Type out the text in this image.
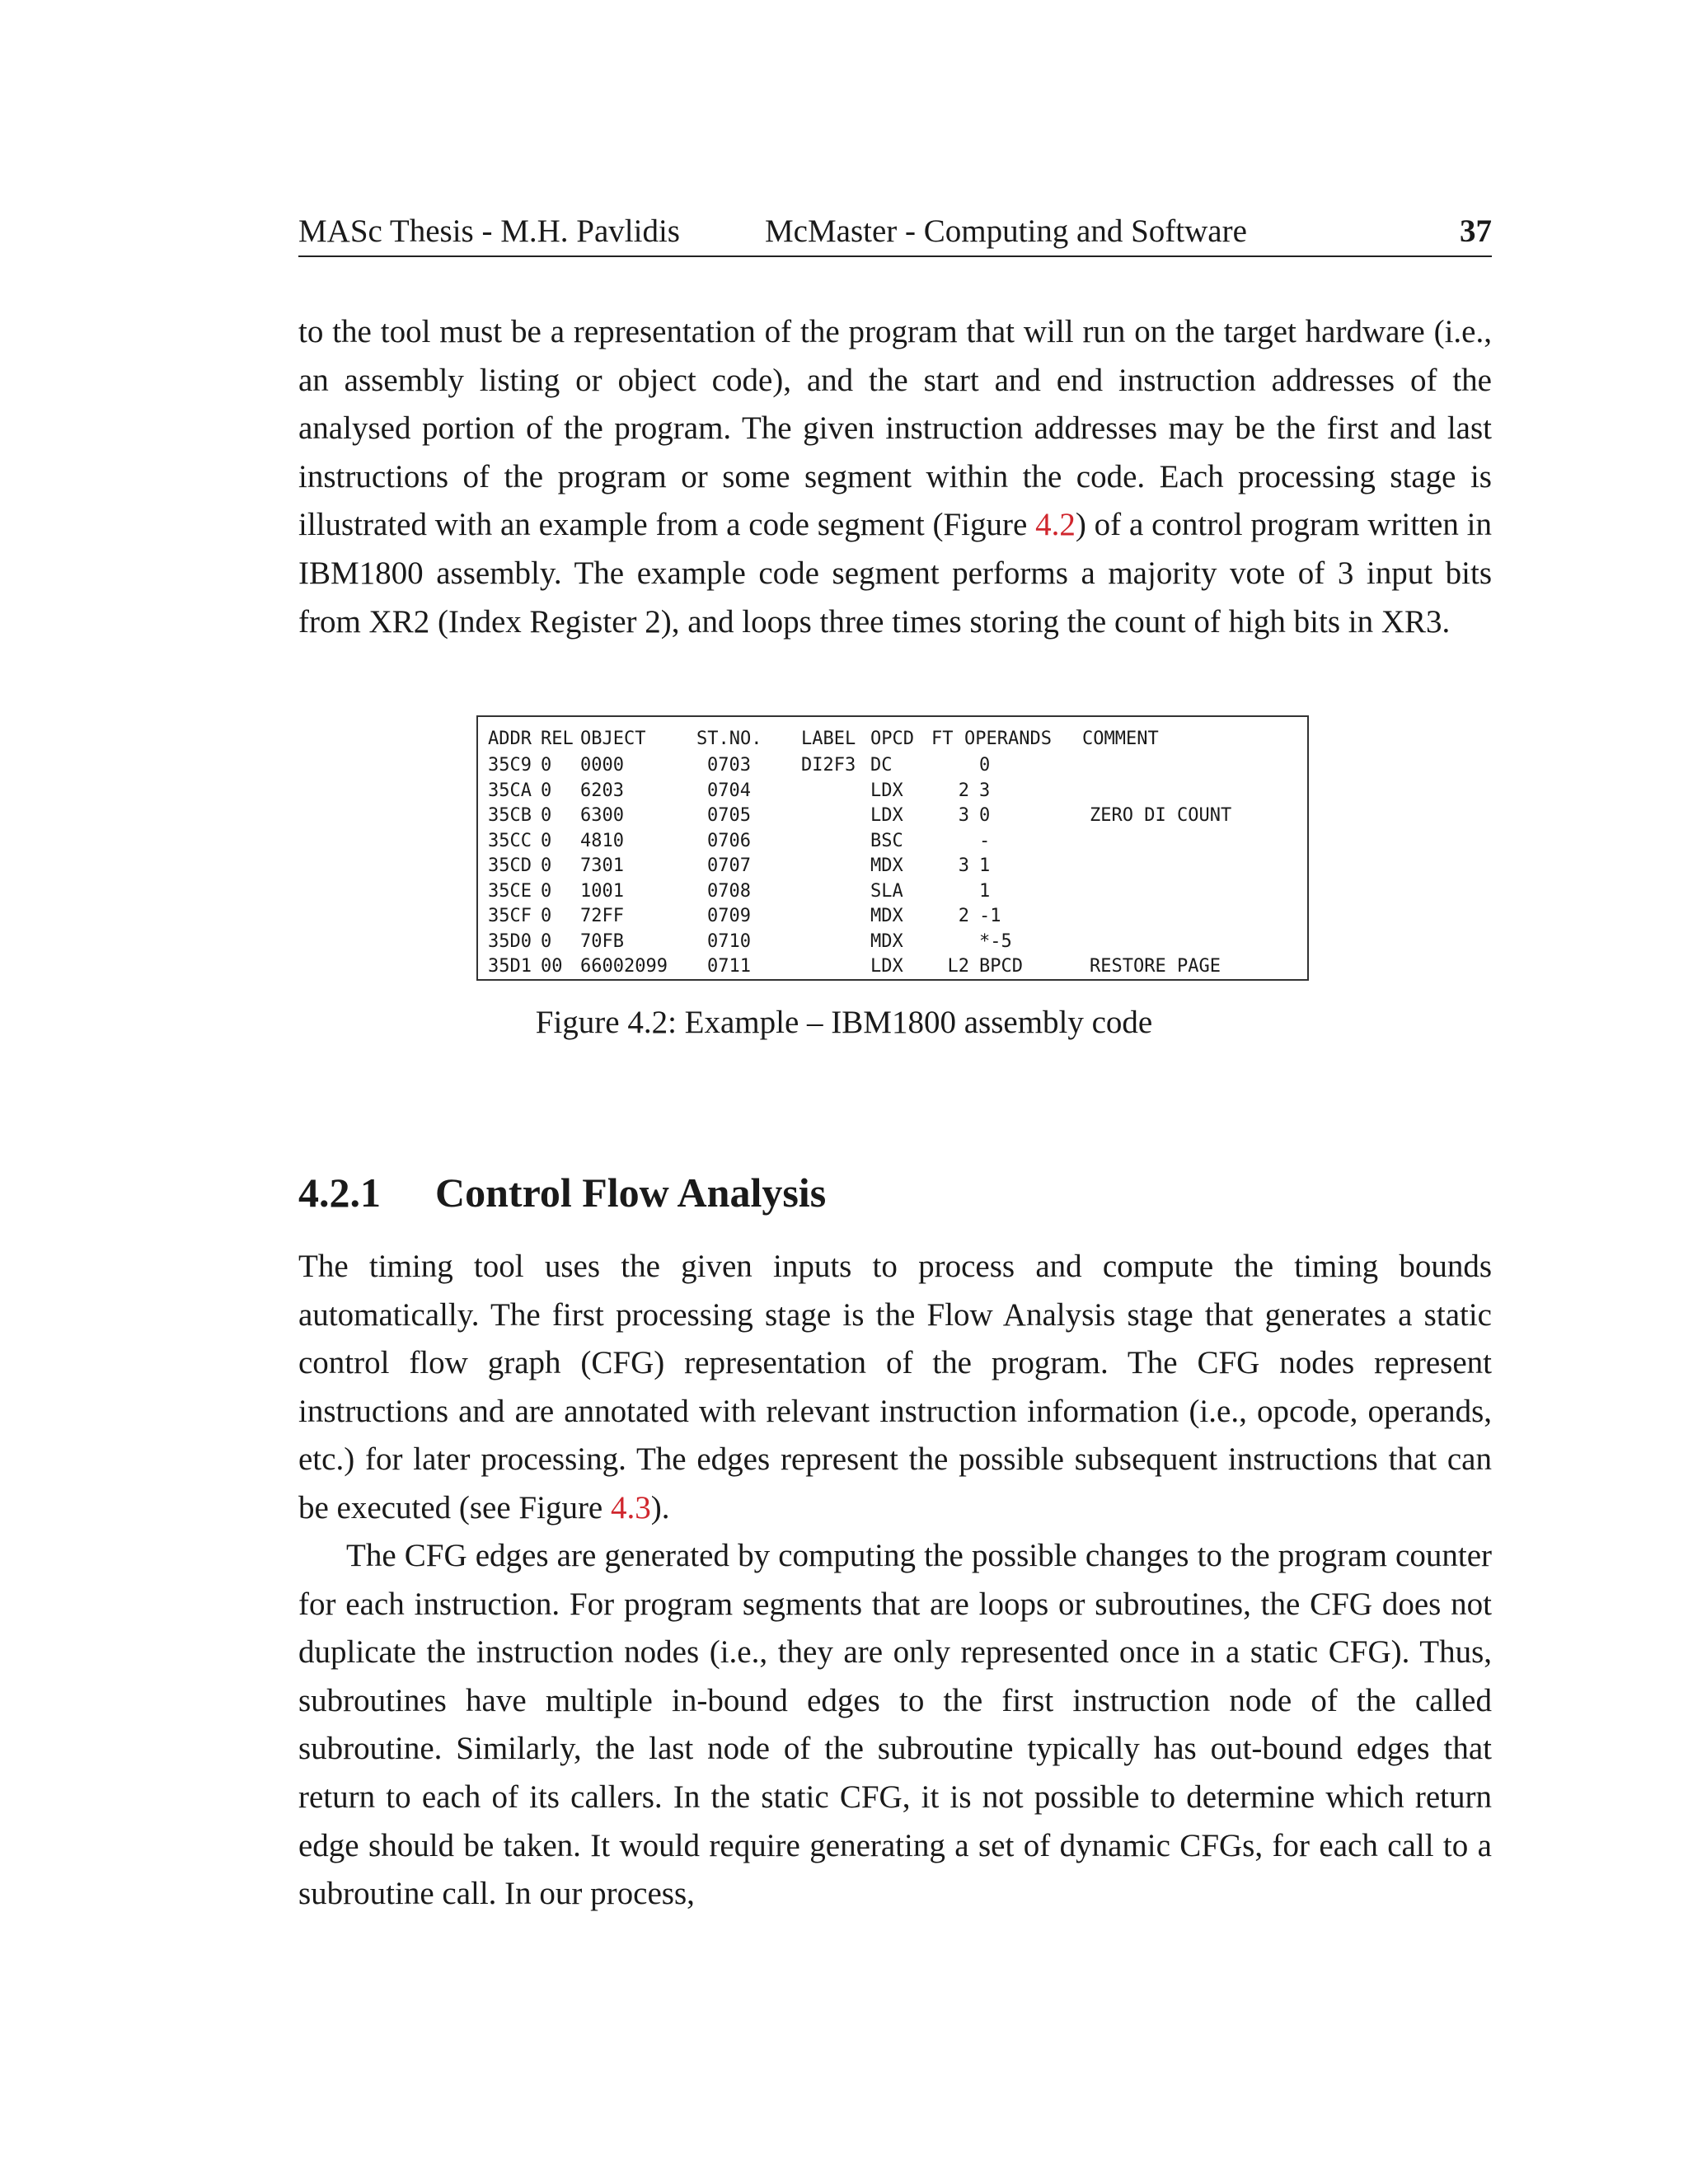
MASc Thesis - M.H. Pavlidis	McMaster - Computing and Software	37

to the tool must be a representation of the program that will run on the target hardware (i.e., an assembly listing or object code), and the start and end instruction addresses of the analysed portion of the program. The given instruction addresses may be the first and last instructions of the program or some segment within the code. Each processing stage is illustrated with an example from a code segment (Figure 4.2) of a control program written in IBM1800 assembly. The example code segment performs a majority vote of 3 input bits from XR2 (Index Register 2), and loops three times storing the count of high bits in XR3.

ADDR REL OBJECT	ST.NO. LABEL OPCD FT OPERANDS COMMENT
35C9 0 0000	0703	DI2F3 DC	0
35CA 0 6203	0704	LDX	2 3
35CB 0 6300	0705	LDX	3 0	ZERO DI COUNT
35CC 0 4810	0706	BSC	-
35CD 0 7301	0707	MDX	3 1
35CE 0 1001	0708	SLA	1
35CF 0 72FF	0709	MDX	2 -1
35D0 0 70FB	0710	MDX	*-5
35D1 00 66002099 0711	LDX	L2 BPCD	RESTORE PAGE
Figure 4.2: Example – IBM1800 assembly code
4.2.1 Control Flow Analysis

The timing tool uses the given inputs to process and compute the timing bounds automatically. The first processing stage is the Flow Analysis stage that generates a static control flow graph (CFG) representation of the program. The CFG nodes represent instructions and are annotated with relevant instruction information (i.e., opcode, operands, etc.) for later processing. The edges represent the possible subsequent instructions that can be executed (see Figure 4.3).

The CFG edges are generated by computing the possible changes to the program counter for each instruction. For program segments that are loops or subroutines, the CFG does not duplicate the instruction nodes (i.e., they are only represented once in a static CFG). Thus, subroutines have multiple in-bound edges to the first instruction node of the called subroutine. Similarly, the last node of the subroutine typically has out-bound edges that return to each of its callers. In the static CFG, it is not possible to determine which return edge should be taken. It would require generating a set of dynamic CFGs, for each call to a subroutine call. In our process,
